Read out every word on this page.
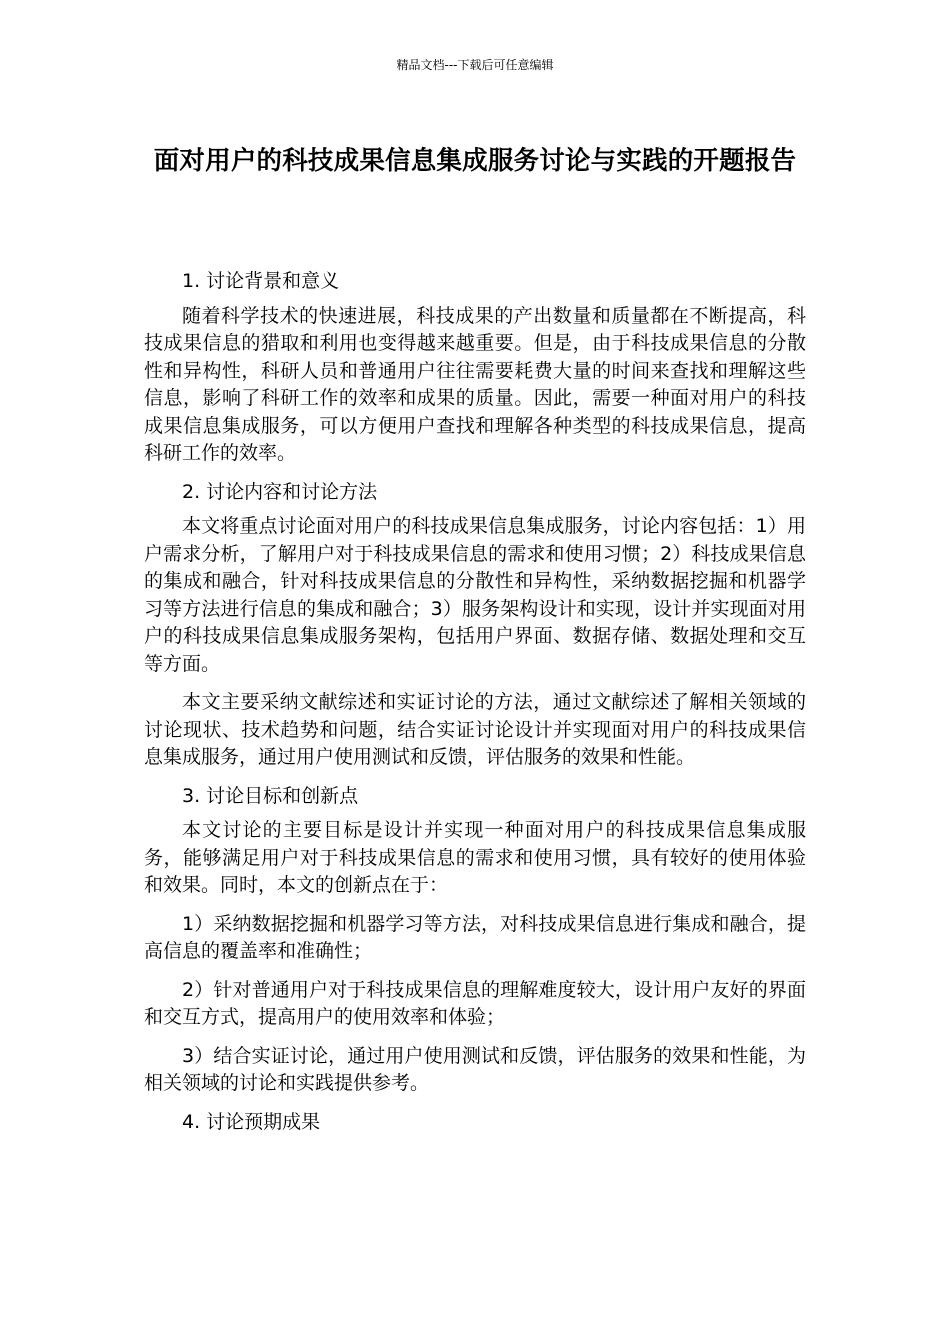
精品文档---下载后可任意编辑
面对用户的科技成果信息集成服务讨论与实践的开题报告

1. 讨论背景和意义

随着科学技术的快速进展，科技成果的产出数量和质量都在不断提高，科技成果信息的猎取和利用也变得越来越重要。但是，由于科技成果信息的分散性和异构性，科研人员和普通用户往往需要耗费大量的时间来查找和理解这些信息，影响了科研工作的效率和成果的质量。因此，需要一种面对用户的科技成果信息集成服务，可以方便用户查找和理解各种类型的科技成果信息，提高科研工作的效率。

2. 讨论内容和讨论方法

本文将重点讨论面对用户的科技成果信息集成服务，讨论内容包括：1）用户需求分析，了解用户对于科技成果信息的需求和使用习惯；2）科技成果信息的集成和融合，针对科技成果信息的分散性和异构性，采纳数据挖掘和机器学习等方法进行信息的集成和融合；3）服务架构设计和实现，设计并实现面对用户的科技成果信息集成服务架构，包括用户界面、数据存储、数据处理和交互等方面。

本文主要采纳文献综述和实证讨论的方法，通过文献综述了解相关领域的讨论现状、技术趋势和问题，结合实证讨论设计并实现面对用户的科技成果信息集成服务，通过用户使用测试和反馈，评估服务的效果和性能。

3. 讨论目标和创新点

本文讨论的主要目标是设计并实现一种面对用户的科技成果信息集成服务，能够满足用户对于科技成果信息的需求和使用习惯，具有较好的使用体验和效果。同时，本文的创新点在于：

1）采纳数据挖掘和机器学习等方法，对科技成果信息进行集成和融合，提高信息的覆盖率和准确性；

2）针对普通用户对于科技成果信息的理解难度较大，设计用户友好的界面和交互方式，提高用户的使用效率和体验；

3）结合实证讨论，通过用户使用测试和反馈，评估服务的效果和性能，为相关领域的讨论和实践提供参考。

4. 讨论预期成果
